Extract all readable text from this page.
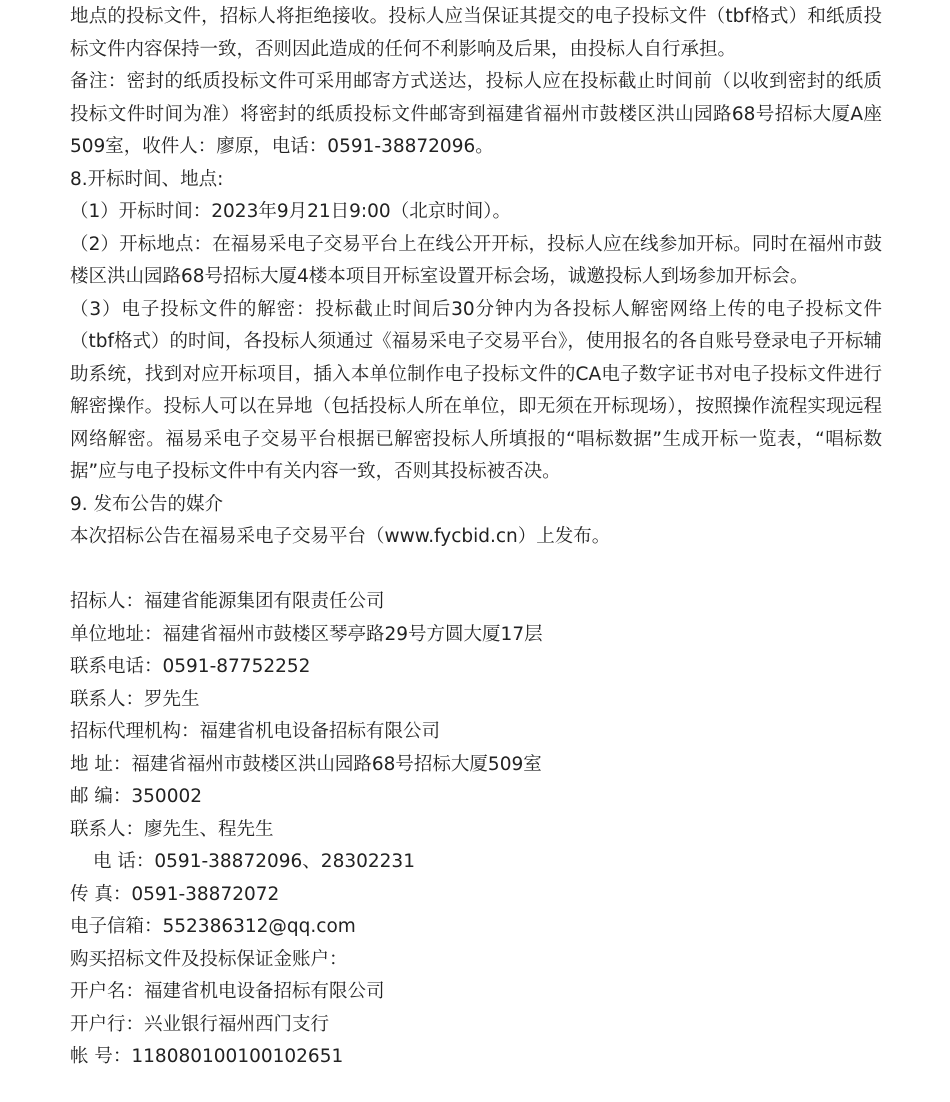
地点的投标文件，招标人将拒绝接收。投标人应当保证其提交的电子投标文件（tbf格式）和纸质投标文件内容保持一致，否则因此造成的任何不利影响及后果，由投标人自行承担。

备注：密封的纸质投标文件可采用邮寄方式送达，投标人应在投标截止时间前（以收到密封的纸质投标文件时间为准）将密封的纸质投标文件邮寄到福建省福州市鼓楼区洪山园路68号招标大厦A座509室，收件人：廖原，电话：0591-38872096。

8.开标时间、地点:

（1）开标时间：2023年9月21日9:00（北京时间）。

（2）开标地点：在福易采电子交易平台上在线公开开标，投标人应在线参加开标。同时在福州市鼓楼区洪山园路68号招标大厦4楼本项目开标室设置开标会场，诚邀投标人到场参加开标会。

（3）电子投标文件的解密：投标截止时间后30分钟内为各投标人解密网络上传的电子投标文件（tbf格式）的时间，各投标人须通过《福易采电子交易平台》，使用报名的各自账号登录电子开标辅助系统，找到对应开标项目，插入本单位制作电子投标文件的CA电子数字证书对电子投标文件进行解密操作。投标人可以在异地（包括投标人所在单位，即无须在开标现场），按照操作流程实现远程网络解密。福易采电子交易平台根据已解密投标人所填报的“唱标数据”生成开标一览表，“唱标数据”应与电子投标文件中有关内容一致，否则其投标被否决。

9. 发布公告的媒介

本次招标公告在福易采电子交易平台（www.fycbid.cn）上发布。

招标人：福建省能源集团有限责任公司

单位地址：福建省福州市鼓楼区琴亭路29号方圆大厦17层

联系电话：0591-87752252

联系人：罗先生

招标代理机构：福建省机电设备招标有限公司

地 址：福建省福州市鼓楼区洪山园路68号招标大厦509室

邮 编：350002

联系人：廖先生、程先生

电 话：0591-38872096、28302231

传 真：0591-38872072

电子信箱：552386312@qq.com

购买招标文件及投标保证金账户：

开户名：福建省机电设备招标有限公司

开户行：兴业银行福州西门支行

帐 号：118080100100102651
